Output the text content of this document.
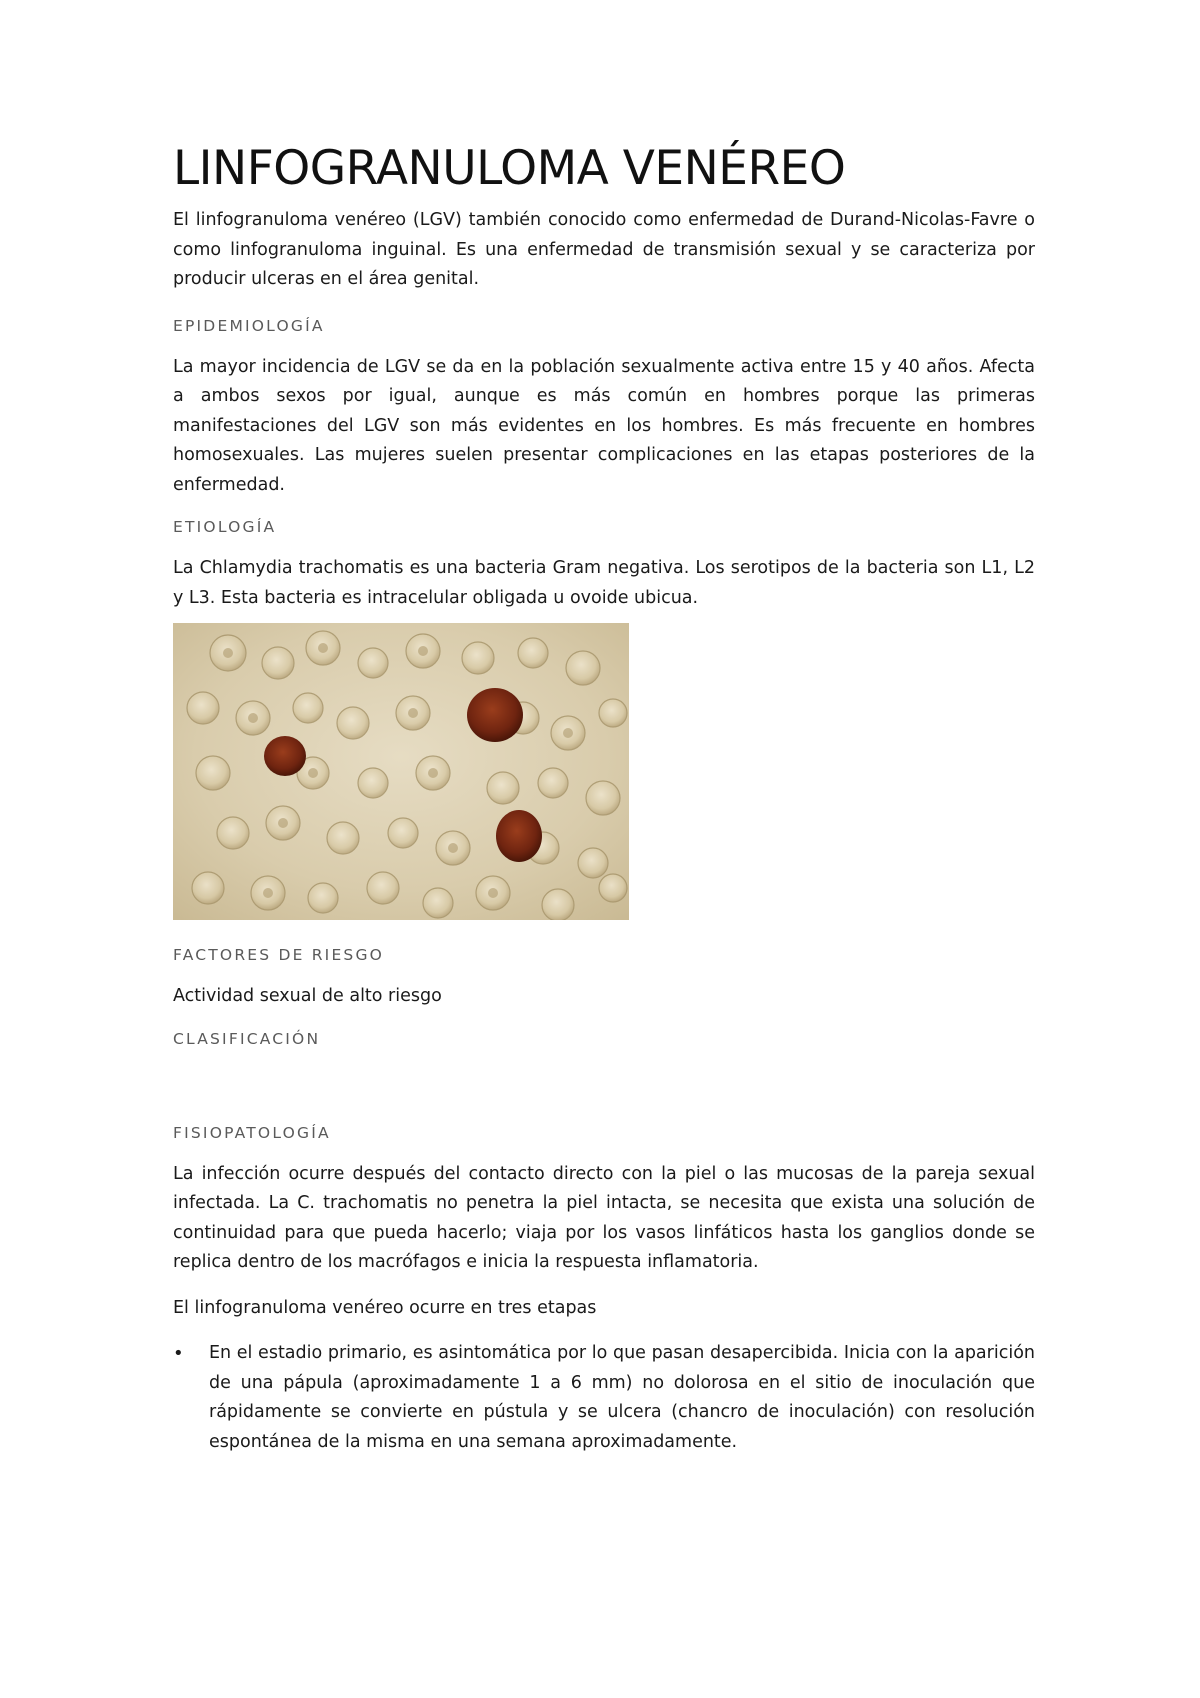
LINFOGRANULOMA VENÉREO

El linfogranuloma venéreo (LGV) también conocido como enfermedad de Durand-Nicolas-Favre o como linfogranuloma inguinal. Es una enfermedad de transmisión sexual y se caracteriza por producir ulceras en el área genital.

EPIDEMIOLOGÍA

La mayor incidencia de LGV se da en la población sexualmente activa entre 15 y 40 años. Afecta a ambos sexos por igual, aunque es más común en hombres porque las primeras manifestaciones del LGV son más evidentes en los hombres. Es más frecuente en hombres homosexuales. Las mujeres suelen presentar complicaciones en las etapas posteriores de la enfermedad.

ETIOLOGÍA

La Chlamydia trachomatis es una bacteria Gram negativa. Los serotipos de la bacteria son L1, L2 y L3. Esta bacteria es intracelular obligada u ovoide ubicua.

FACTORES DE RIESGO

Actividad sexual de alto riesgo

CLASIFICACIÓN
FISIOPATOLOGÍA

La infección ocurre después del contacto directo con la piel o las mucosas de la pareja sexual infectada. La C. trachomatis no penetra la piel intacta, se necesita que exista una solución de continuidad para que pueda hacerlo; viaja por los vasos linfáticos hasta los ganglios donde se replica dentro de los macrófagos e inicia la respuesta inflamatoria.

El linfogranuloma venéreo ocurre en tres etapas

• En el estadio primario, es asintomática por lo que pasan desapercibida. Inicia con la aparición de una pápula (aproximadamente 1 a 6 mm) no dolorosa en el sitio de inoculación que rápidamente se convierte en pústula y se ulcera (chancro de inoculación) con resolución espontánea de la misma en una semana aproximadamente.
